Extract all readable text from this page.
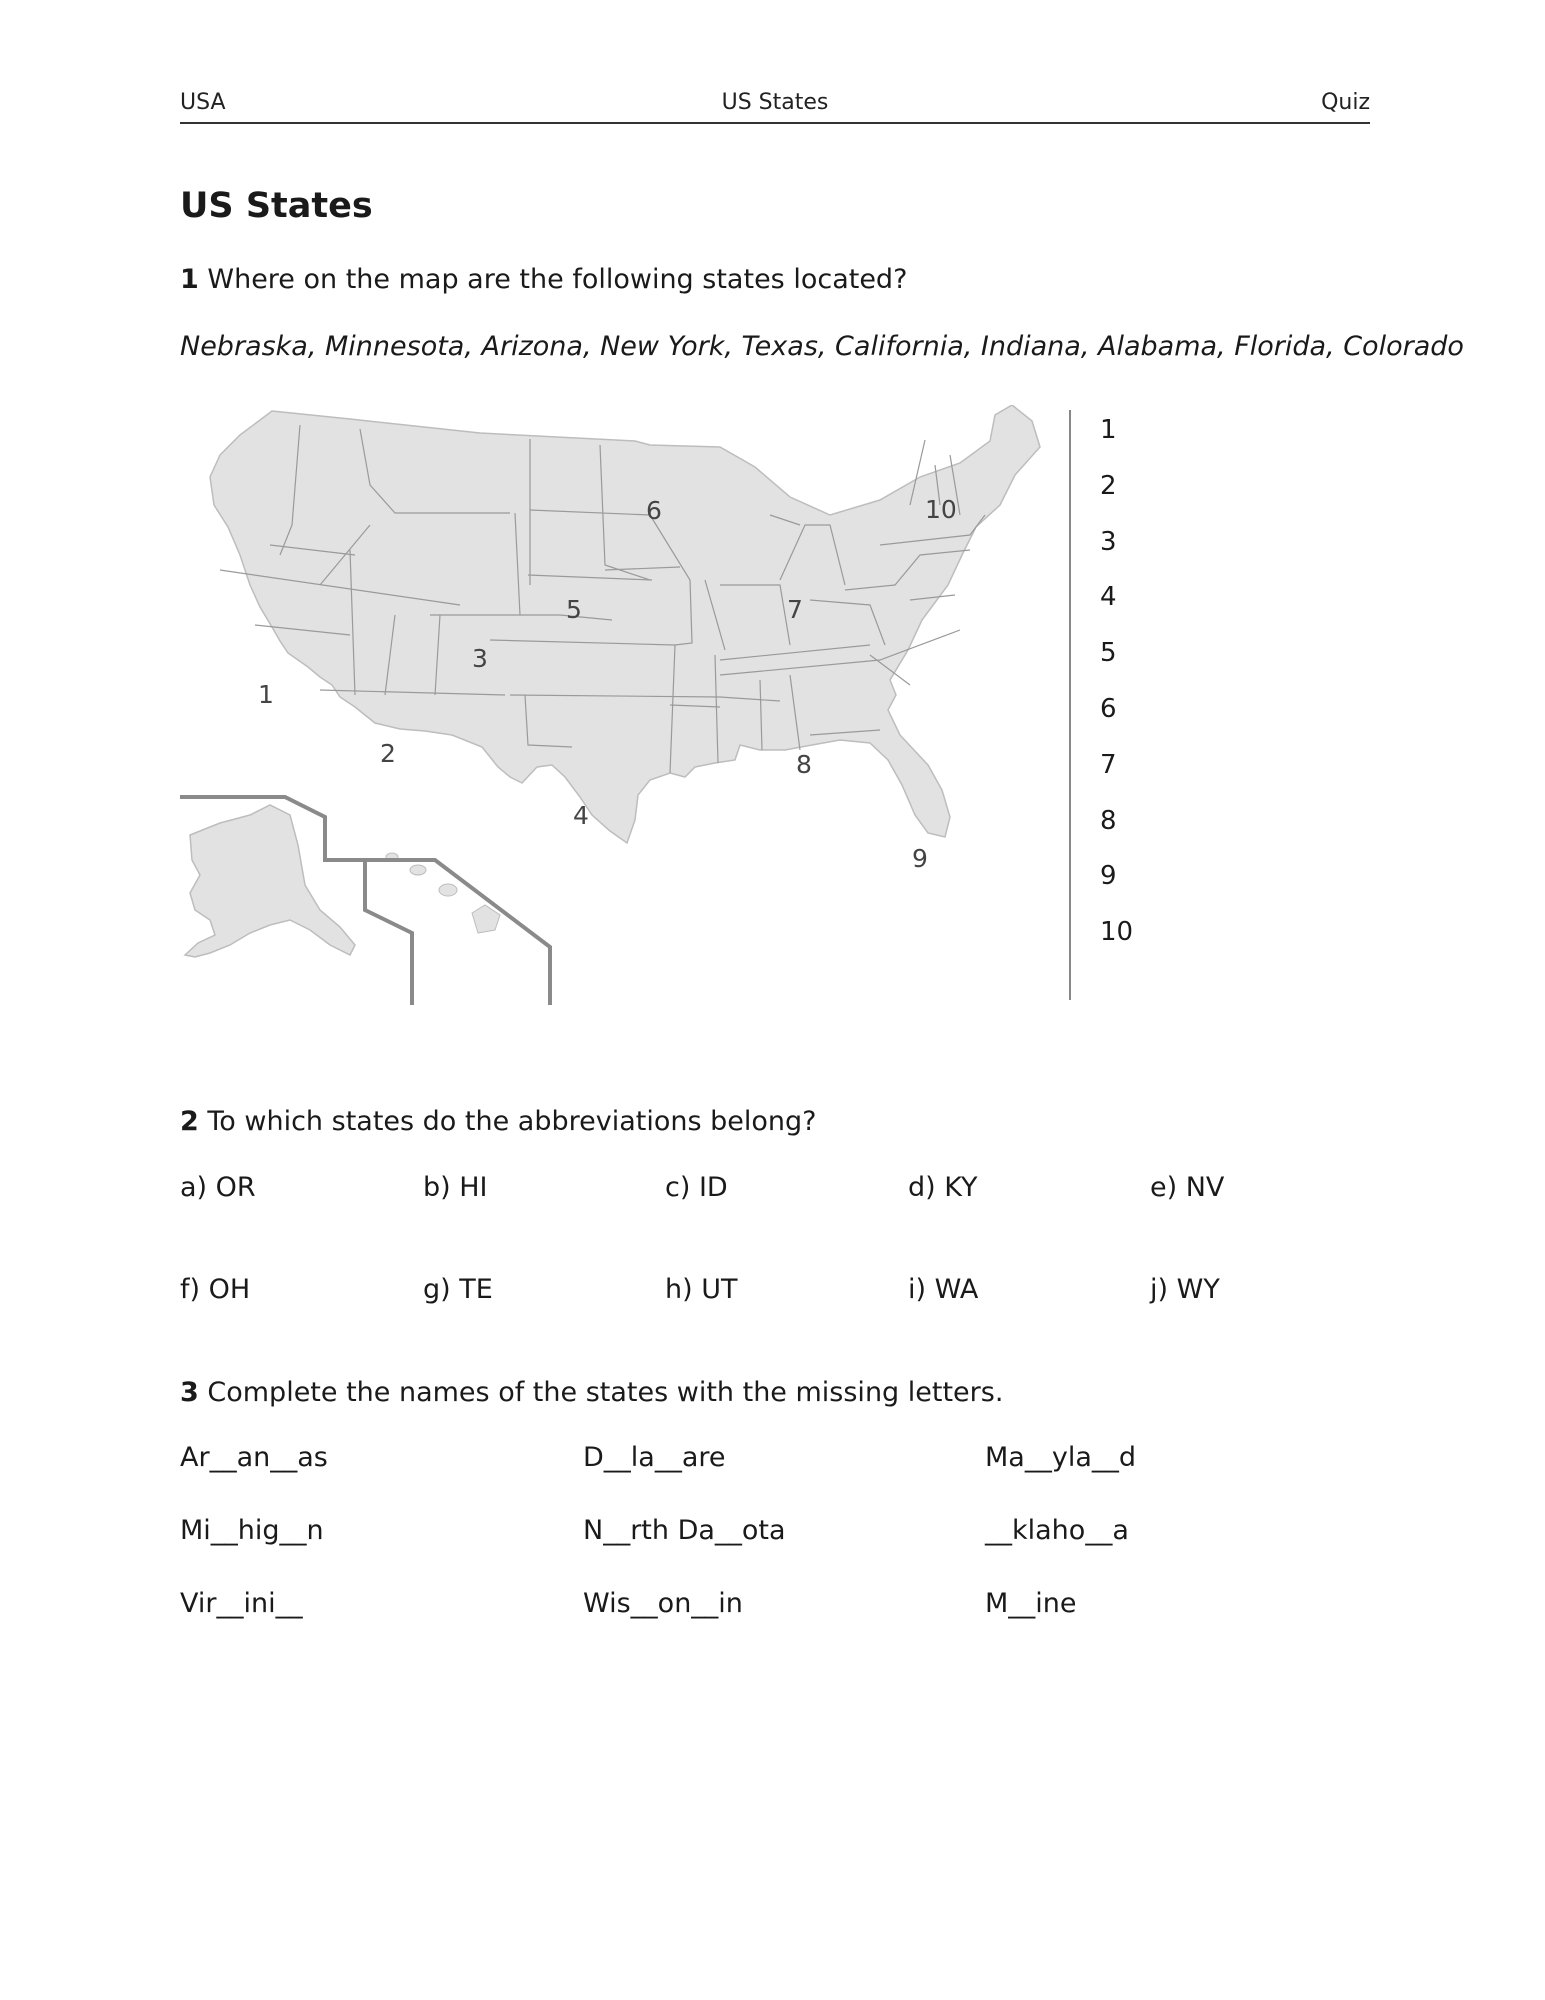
USA	US States	Quiz
US States
1 Where on the map are the following states located?
Nebraska, Minnesota, Arizona, New York, Texas, California, Indiana, Alabama, Florida, Colorado
1
2
3
4
5
6
7
8
9
10
1
2
3
4
5
6
7
8
9
10
2 To which states do the abbreviations belong?
a) OR	b) HI	c) ID	d) KY	e) NV
f) OH	g) TE	h) UT	i) WA	j) WY
3 Complete the names of the states with the missing letters.
Ar__an__as	D__la__are	Ma__yla__d
Mi__hig__n	N__rth Da__ota	__klaho__a
Vir__ini__	Wis__on__in	M__ine
